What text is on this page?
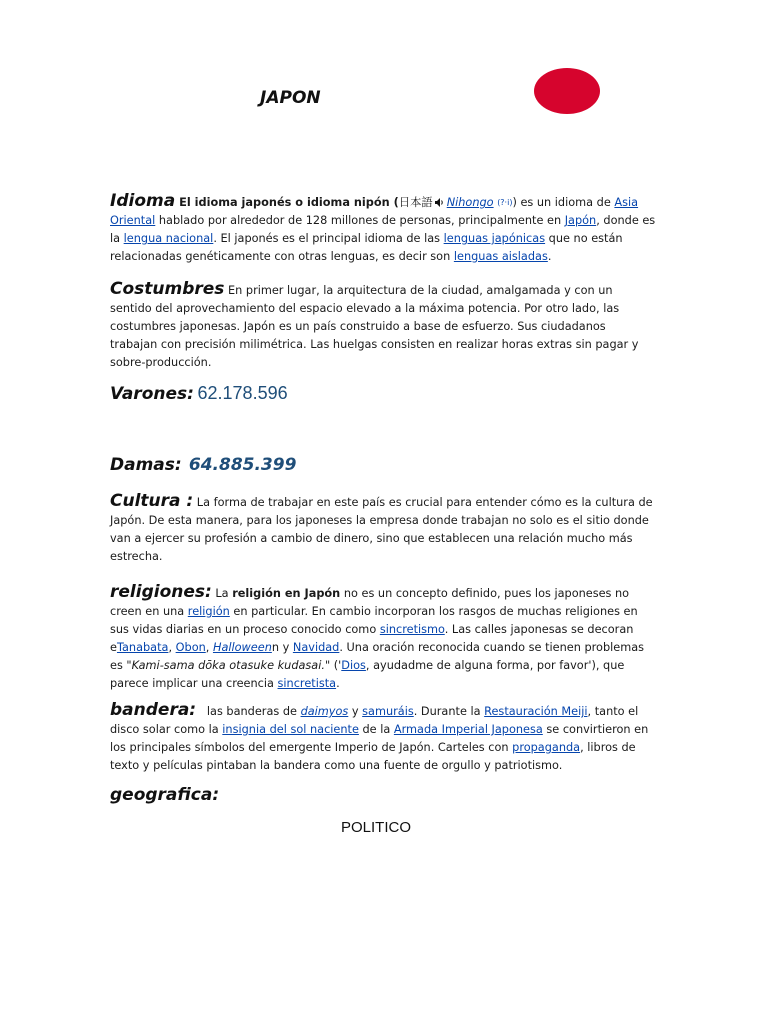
JAPON
Idioma El idioma japonés o idioma nipón (日本語 Nihongo (?·i)) es un idioma de Asia Oriental hablado por alrededor de 128 millones de personas, principalmente en Japón, donde es la lengua nacional. El japonés es el principal idioma de las lenguas japónicas que no están relacionadas genéticamente con otras lenguas, es decir son lenguas aisladas.
Costumbres En primer lugar, la arquitectura de la ciudad, amalgamada y con un sentido del aprovechamiento del espacio elevado a la máxima potencia. Por otro lado, las costumbres japonesas. Japón es un país construido a base de esfuerzo. Sus ciudadanos trabajan con precisión milimétrica. Las huelgas consisten en realizar horas extras sin pagar y sobre-producción.
Varones: 62.178.596
Damas: 64.885.399
Cultura : La forma de trabajar en este país es crucial para entender cómo es la cultura de Japón. De esta manera, para los japoneses la empresa donde trabajan no solo es el sitio donde van a ejercer su profesión a cambio de dinero, sino que establecen una relación mucho más estrecha.
religiones: La religión en Japón no es un concepto definido, pues los japoneses no creen en una religión en particular. En cambio incorporan los rasgos de muchas religiones en sus vidas diarias en un proceso conocido como sincretismo. Las calles japonesas se decoran eTanabata, Obon, Halloweenn y Navidad. Una oración reconocida cuando se tienen problemas es "Kami-sama dōka otasuke kudasai." ('Dios, ayudadme de alguna forma, por favor'), que parece implicar una creencia sincretista.
bandera:   las banderas de daimyos y samuráis. Durante la Restauración Meiji, tanto el disco solar como la insignia del sol naciente de la Armada Imperial Japonesa se convirtieron en los principales símbolos del emergente Imperio de Japón. Carteles con propaganda, libros de texto y películas pintaban la bandera como una fuente de orgullo y patriotismo.
geografica:
POLITICO
